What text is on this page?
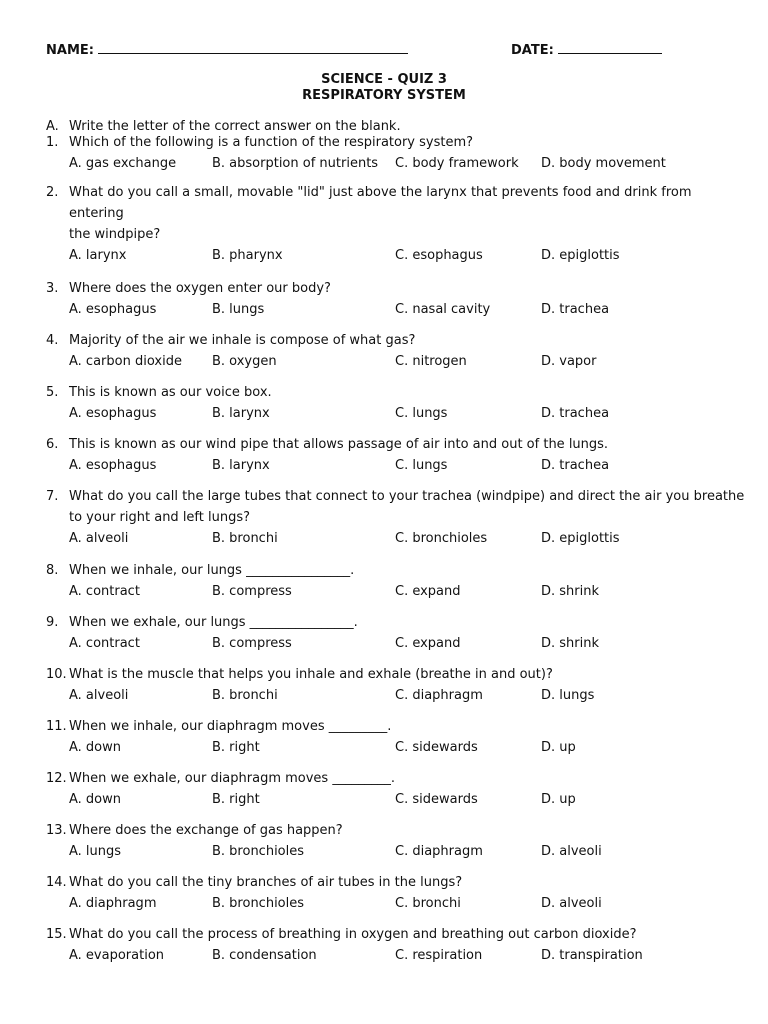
NAME:	DATE:
SCIENCE - QUIZ 3
RESPIRATORY SYSTEM
A. Write the letter of the correct answer on the blank.
1. Which of the following is a function of the respiratory system?
A. gas exchange	B. absorption of nutrients C. body framework D. body movement
2. What do you call a small, movable "lid" just above the larynx that prevents food and drink from
entering
the windpipe?
A. larynx	B. pharynx	C. esophagus	D. epiglottis
3. Where does the oxygen enter our body?
A. esophagus	B. lungs	C. nasal cavity	D. trachea
4. Majority of the air we inhale is compose of what gas?
A. carbon dioxide B. oxygen	C. nitrogen	D. vapor
5. This is known as our voice box.
A. esophagus	B. larynx	C. lungs	D. trachea
6. This is known as our wind pipe that allows passage of air into and out of the lungs.
A. esophagus	B. larynx	C. lungs	D. trachea
7. What do you call the large tubes that connect to your trachea (windpipe) and direct the air you breathe
to your right and left lungs?
A. alveoli	B. bronchi	C. bronchioles	D. epiglottis
8. When we inhale, our lungs ________________.
A. contract	B. compress	C. expand	D. shrink
9. When we exhale, our lungs ________________.
A. contract	B. compress	C. expand	D. shrink
10. What is the muscle that helps you inhale and exhale (breathe in and out)?
A. alveoli	B. bronchi	C. diaphragm	D. lungs
11. When we inhale, our diaphragm moves _________.
A. down	B. right	C. sidewards	D. up
12. When we exhale, our diaphragm moves _________.
A. down	B. right	C. sidewards	D. up
13. Where does the exchange of gas happen?
A. lungs	B. bronchioles	C. diaphragm	D. alveoli
14. What do you call the tiny branches of air tubes in the lungs?
A. diaphragm	B. bronchioles	C. bronchi	D. alveoli
15. What do you call the process of breathing in oxygen and breathing out carbon dioxide?
A. evaporation	B. condensation	C. respiration	D. transpiration
